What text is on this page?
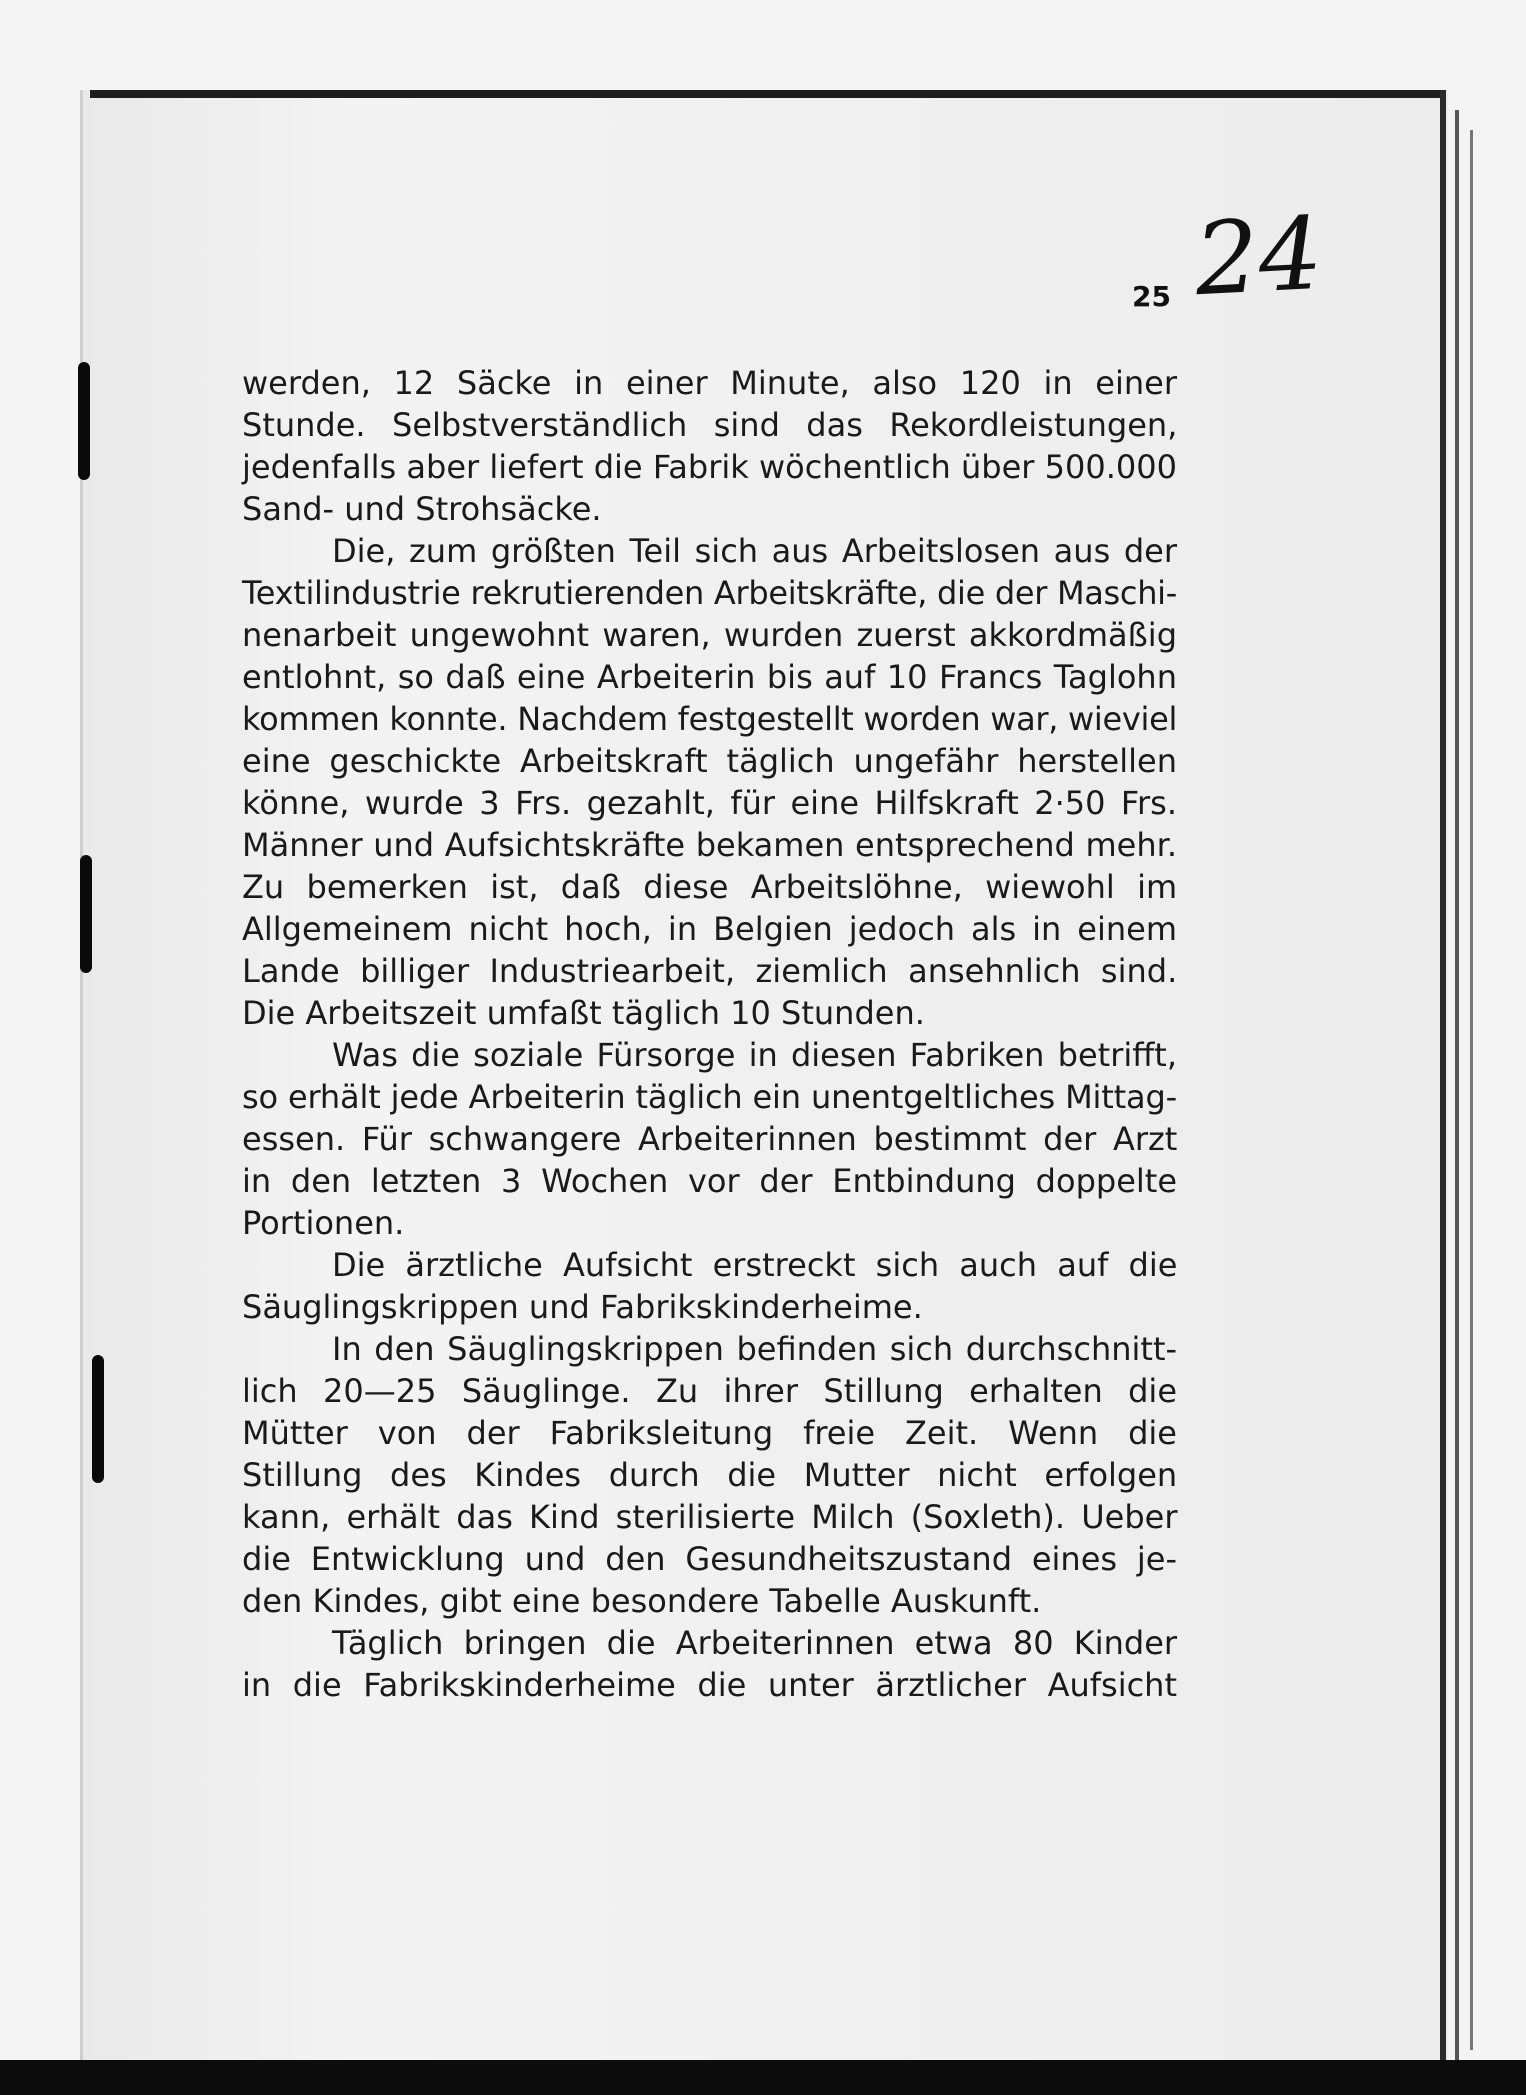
25 24
werden, 12 Säcke in einer Minute, also 120 in einer
Stunde. Selbstverständlich sind das Rekordleistungen,
jedenfalls aber liefert die Fabrik wöchentlich über 500.000
Sand- und Strohsäcke.
Die, zum größten Teil sich aus Arbeitslosen aus der
Textilindustrie rekrutierenden Arbeitskräfte, die der Maschi-
nenarbeit ungewohnt waren, wurden zuerst akkordmäßig
entlohnt, so daß eine Arbeiterin bis auf 10 Francs Taglohn
kommen konnte. Nachdem festgestellt worden war, wieviel
eine geschickte Arbeitskraft täglich ungefähr herstellen
könne, wurde 3 Frs. gezahlt, für eine Hilfskraft 2·50 Frs.
Männer und Aufsichtskräfte bekamen entsprechend mehr.
Zu bemerken ist, daß diese Arbeitslöhne, wiewohl im
Allgemeinem nicht hoch, in Belgien jedoch als in einem
Lande billiger Industriearbeit, ziemlich ansehnlich sind.
Die Arbeitszeit umfaßt täglich 10 Stunden.
Was die soziale Fürsorge in diesen Fabriken betrifft,
so erhält jede Arbeiterin täglich ein unentgeltliches Mittag-
essen. Für schwangere Arbeiterinnen bestimmt der Arzt
in den letzten 3 Wochen vor der Entbindung doppelte
Portionen.
Die ärztliche Aufsicht erstreckt sich auch auf die
Säuglingskrippen und Fabrikskinderheime.
In den Säuglingskrippen befinden sich durchschnitt-
lich 20—25 Säuglinge. Zu ihrer Stillung erhalten die
Mütter von der Fabriksleitung freie Zeit. Wenn die
Stillung des Kindes durch die Mutter nicht erfolgen
kann, erhält das Kind sterilisierte Milch (Soxleth). Ueber
die Entwicklung und den Gesundheitszustand eines je-
den Kindes, gibt eine besondere Tabelle Auskunft.
Täglich bringen die Arbeiterinnen etwa 80 Kinder
in die Fabrikskinderheime die unter ärztlicher Aufsicht
